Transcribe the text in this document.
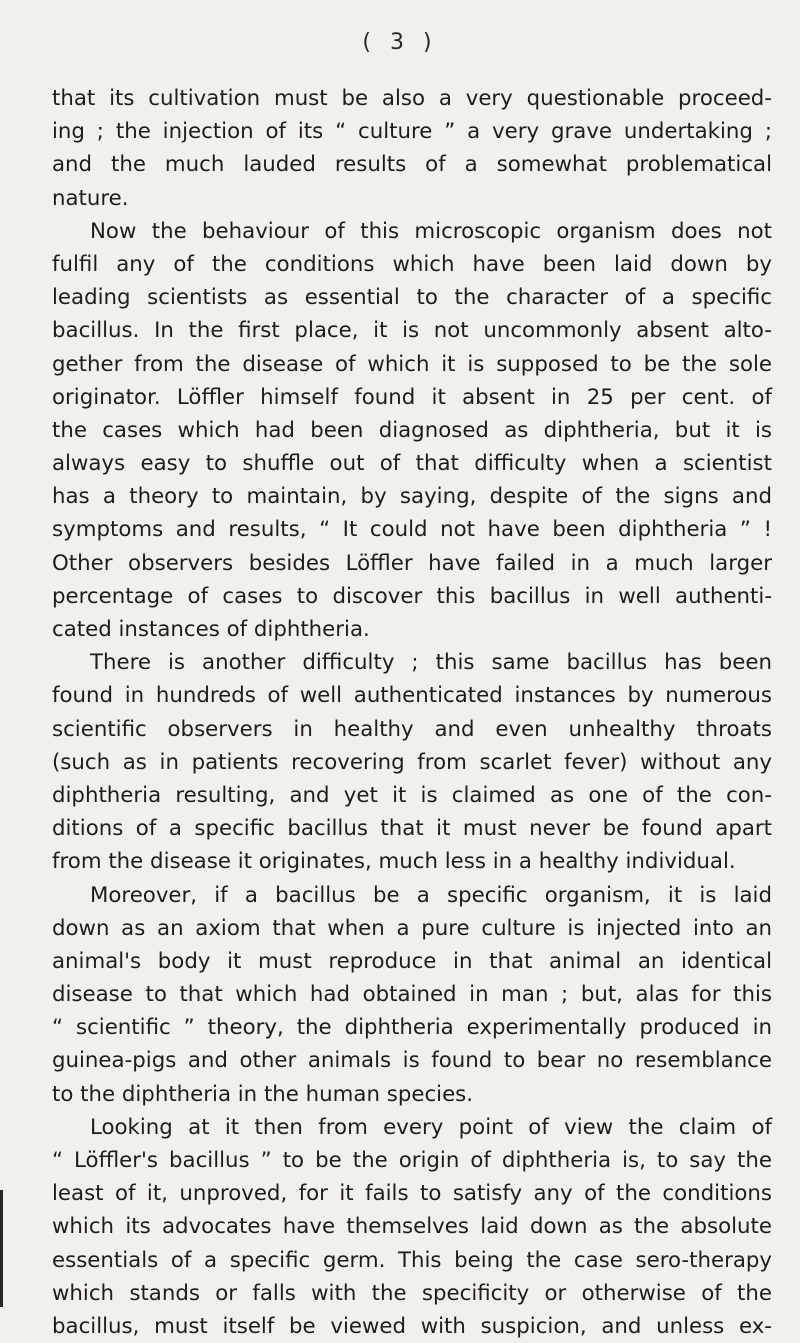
( 3 )
that its cultivation must be also a very questionable proceed-
ing ; the injection of its “ culture ” a very grave undertaking ;
and the much lauded results of a somewhat problematical
nature.
Now the behaviour of this microscopic organism does not
fulfil any of the conditions which have been laid down by
leading scientists as essential to the character of a specific
bacillus. In the first place, it is not uncommonly absent alto-
gether from the disease of which it is supposed to be the sole
originator. Löffler himself found it absent in 25 per cent. of
the cases which had been diagnosed as diphtheria, but it is
always easy to shuffle out of that difficulty when a scientist
has a theory to maintain, by saying, despite of the signs and
symptoms and results, “ It could not have been diphtheria ” !
Other observers besides Löffler have failed in a much larger
percentage of cases to discover this bacillus in well authenti-
cated instances of diphtheria.
There is another difficulty ; this same bacillus has been
found in hundreds of well authenticated instances by numerous
scientific observers in healthy and even unhealthy throats
(such as in patients recovering from scarlet fever) without any
diphtheria resulting, and yet it is claimed as one of the con-
ditions of a specific bacillus that it must never be found apart
from the disease it originates, much less in a healthy individual.
Moreover, if a bacillus be a specific organism, it is laid
down as an axiom that when a pure culture is injected into an
animal's body it must reproduce in that animal an identical
disease to that which had obtained in man ; but, alas for this
“ scientific ” theory, the diphtheria experimentally produced in
guinea-pigs and other animals is found to bear no resemblance
to the diphtheria in the human species.
Looking at it then from every point of view the claim of
“ Löffler's bacillus ” to be the origin of diphtheria is, to say the
least of it, unproved, for it fails to satisfy any of the conditions
which its advocates have themselves laid down as the absolute
essentials of a specific germ. This being the case sero-therapy
which stands or falls with the specificity or otherwise of the
bacillus, must itself be viewed with suspicion, and unless ex-
